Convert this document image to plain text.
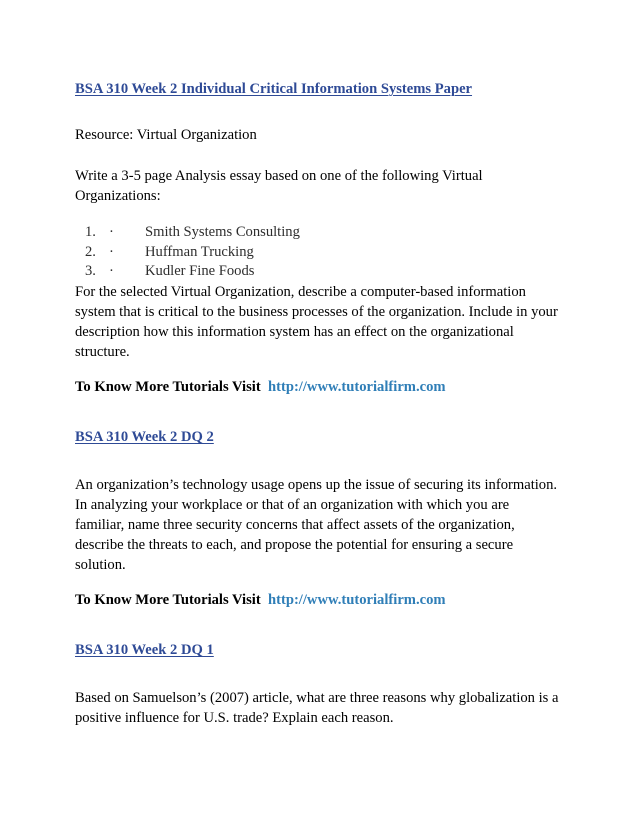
BSA 310 Week 2 Individual Critical Information Systems Paper
Resource: Virtual Organization
Write a 3-5 page Analysis essay based on one of the following Virtual
Organizations:
1. · Smith Systems Consulting
2. · Huffman Trucking
3. · Kudler Fine Foods
For the selected Virtual Organization, describe a computer-based information
system that is critical to the business processes of the organization. Include in your
description how this information system has an effect on the organizational
structure.
To Know More Tutorials Visit http://www.tutorialfirm.com
BSA 310 Week 2 DQ 2
An organization’s technology usage opens up the issue of securing its information.
In analyzing your workplace or that of an organization with which you are
familiar, name three security concerns that affect assets of the organization,
describe the threats to each, and propose the potential for ensuring a secure
solution.
To Know More Tutorials Visit http://www.tutorialfirm.com
BSA 310 Week 2 DQ 1
Based on Samuelson’s (2007) article, what are three reasons why globalization is a
positive influence for U.S. trade? Explain each reason.
